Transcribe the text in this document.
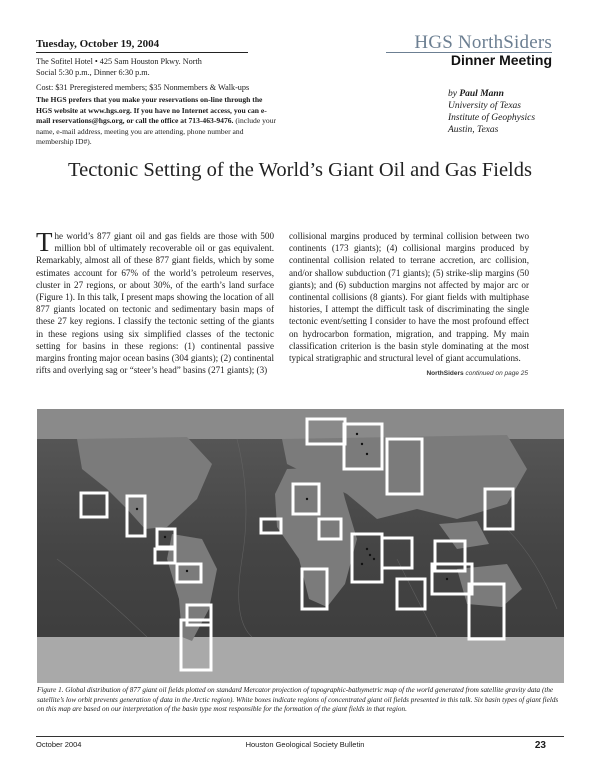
Tuesday, October 19, 2004
The Sofitel Hotel • 425 Sam Houston Pkwy. North
Social 5:30 p.m., Dinner 6:30 p.m.
Cost: $31 Preregistered members; $35 Nonmembers & Walk-ups
The HGS prefers that you make your reservations on-line through the HGS website at www.hgs.org. If you have no Internet access, you can e-mail reservations@hgs.org, or call the office at 713-463-9476. (include your name, e-mail address, meeting you are attending, phone number and membership ID#).
HGS NorthSiders
Dinner Meeting
by Paul Mann
University of Texas
Institute of Geophysics
Austin, Texas
Tectonic Setting of the World’s Giant Oil and Gas Fields
The world’s 877 giant oil and gas fields are those with 500 million bbl of ultimately recoverable oil or gas equivalent. Remarkably, almost all of these 877 giant fields, which by some estimates account for 67% of the world’s petroleum reserves, cluster in 27 regions, or about 30%, of the earth’s land surface (Figure 1). In this talk, I present maps showing the location of all 877 giants located on tectonic and sedimentary basin maps of these 27 key regions. I classify the tectonic setting of the giants in these regions using six simplified classes of the tectonic setting for basins in these regions: (1) continental passive margins fronting major ocean basins (304 giants); (2) continental rifts and overlying sag or “steer’s head” basins (271 giants); (3)
collisional margins produced by terminal collision between two continents (173 giants); (4) collisional margins produced by continental collision related to terrane accretion, arc collision, and/or shallow subduction (71 giants); (5) strike-slip margins (50 giants); and (6) subduction margins not affected by major arc or continental collisions (8 giants). For giant fields with multiphase histories, I attempt the difficult task of discriminating the single tectonic event/setting I consider to have the most profound effect on hydrocarbon formation, migration, and trapping. My main classification criterion is the basin style dominating at the most typical stratigraphic and structural level of giant accumulations.
NorthSiders continued on page 25
Figure 1. Global distribution of 877 giant oil fields plotted on standard Mercator projection of topographic-bathymetric map of the world generated from satellite gravity data (the satellite’s low orbit prevents generation of data in the Arctic region). White boxes indicate regions of concentrated giant oil fields presented in this talk. Six basin types of giant fields on this map are based on our interpretation of the basin type most responsible for the formation of the giant fields in that region.
October 2004	Houston Geological Society Bulletin	23
